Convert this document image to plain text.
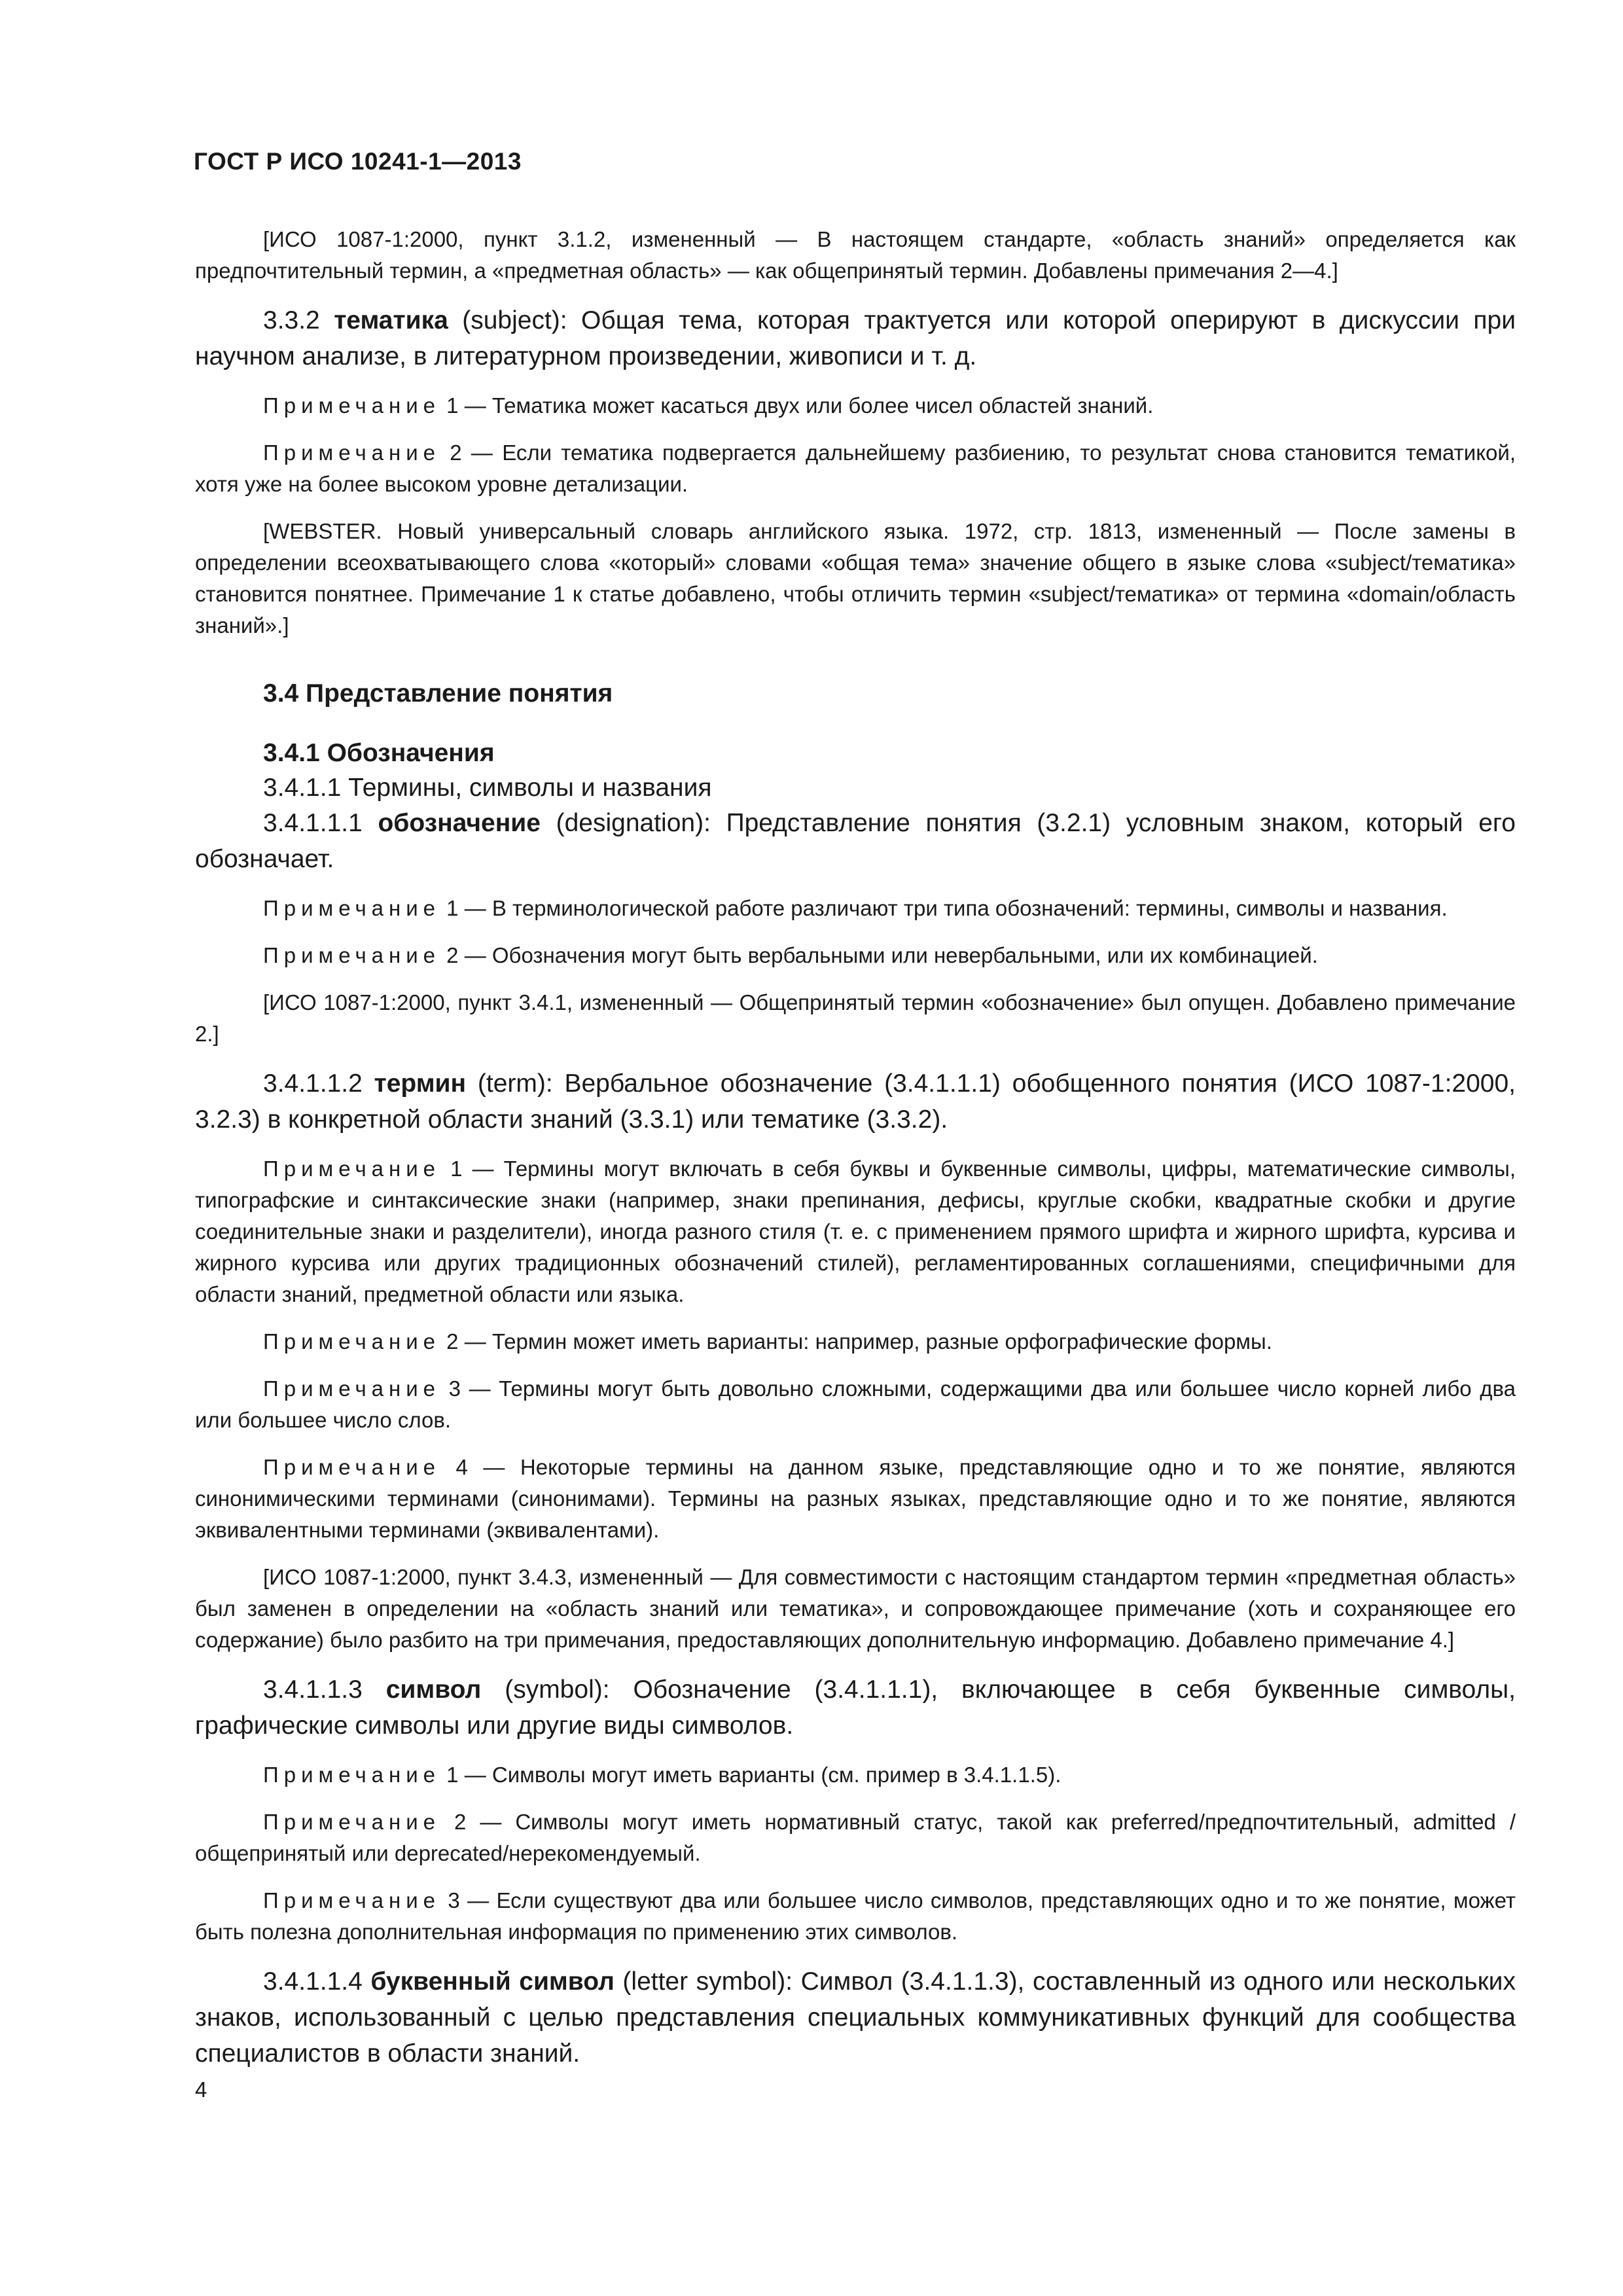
ГОСТ Р ИСО 10241-1—2013

[ИСО 1087-1:2000, пункт 3.1.2, измененный — В настоящем стандарте, «область знаний» определяется как предпочтительный термин, а «предметная область» — как общепринятый термин. Добавлены примечания 2—4.]

3.3.2 тематика (subject): Общая тема, которая трактуется или которой оперируют в дискуссии при научном анализе, в литературном произведении, живописи и т. д.

Примечание 1 — Тематика может касаться двух или более чисел областей знаний.

Примечание 2 — Если тематика подвергается дальнейшему разбиению, то результат снова становится тематикой, хотя уже на более высоком уровне детализации.

[WEBSTER. Новый универсальный словарь английского языка. 1972, стр. 1813, измененный — После замены в определении всеохватывающего слова «который» словами «общая тема» значение общего в языке слова «subject/тематика» становится понятнее. Примечание 1 к статье добавлено, чтобы отличить термин «subject/тематика» от термина «domain/область знаний».]

3.4 Представление понятия
3.4.1 Обозначения
3.4.1.1 Термины, символы и названия

3.4.1.1.1 обозначение (designation): Представление понятия (3.2.1) условным знаком, который его обозначает.

Примечание 1 — В терминологической работе различают три типа обозначений: термины, символы и названия.

Примечание 2 — Обозначения могут быть вербальными или невербальными, или их комбинацией.

[ИСО 1087-1:2000, пункт 3.4.1, измененный — Общепринятый термин «обозначение» был опущен. Добавлено примечание 2.]

3.4.1.1.2 термин (term): Вербальное обозначение (3.4.1.1.1) обобщенного понятия (ИСО 1087-1:2000, 3.2.3) в конкретной области знаний (3.3.1) или тематике (3.3.2).

Примечание 1 — Термины могут включать в себя буквы и буквенные символы, цифры, математические символы, типографские и синтаксические знаки (например, знаки препинания, дефисы, круглые скобки, квадратные скобки и другие соединительные знаки и разделители), иногда разного стиля (т. е. с применением прямого шрифта и жирного шрифта, курсива и жирного курсива или других традиционных обозначений стилей), регламентированных соглашениями, специфичными для области знаний, предметной области или языка.

Примечание 2 — Термин может иметь варианты: например, разные орфографические формы.

Примечание 3 — Термины могут быть довольно сложными, содержащими два или большее число корней либо два или большее число слов.

Примечание 4 — Некоторые термины на данном языке, представляющие одно и то же понятие, являются синонимическими терминами (синонимами). Термины на разных языках, представляющие одно и то же понятие, являются эквивалентными терминами (эквивалентами).

[ИСО 1087-1:2000, пункт 3.4.3, измененный — Для совместимости с настоящим стандартом термин «предметная область» был заменен в определении на «область знаний или тематика», и сопровождающее примечание (хоть и сохраняющее его содержание) было разбито на три примечания, предоставляющих дополнительную информацию. Добавлено примечание 4.]

3.4.1.1.3 символ (symbol): Обозначение (3.4.1.1.1), включающее в себя буквенные символы, графические символы или другие виды символов.

Примечание 1 — Символы могут иметь варианты (см. пример в 3.4.1.1.5).

Примечание 2 — Символы могут иметь нормативный статус, такой как preferred/предпочтительный, admitted / общепринятый или deprecated/нерекомендуемый.

Примечание 3 — Если существуют два или большее число символов, представляющих одно и то же понятие, может быть полезна дополнительная информация по применению этих символов.

3.4.1.1.4 буквенный символ (letter symbol): Символ (3.4.1.1.3), составленный из одного или нескольких знаков, использованный с целью представления специальных коммуникативных функций для сообщества специалистов в области знаний.

4
